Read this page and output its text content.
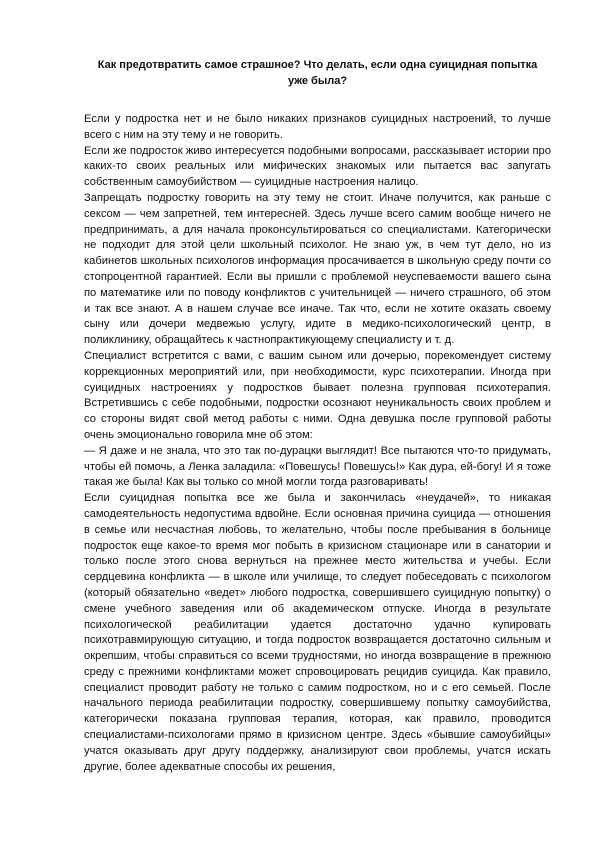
Как предотвратить самое страшное? Что делать, если одна суицидная попытка уже была?

Если у подростка нет и не было никаких признаков суицидных настроений, то лучше всего с ним на эту тему и не говорить.

Если же подросток живо интересуется подобными вопросами, рассказывает истории про каких-то своих реальных или мифических знакомых или пытается вас запугать собственным самоубийством — суицидные настроения налицо.

Запрещать подростку говорить на эту тему не стоит. Иначе получится, как раньше с сексом — чем запретней, тем интересней. Здесь лучше всего самим вообще ничего не предпринимать, а для начала проконсультироваться со специалистами. Категорически не подходит для этой цели школьный психолог. Не знаю уж, в чем тут дело, но из кабинетов школьных психологов информация просачивается в школьную среду почти со стопроцентной гарантией. Если вы пришли с проблемой неуспеваемости вашего сына по математике или по поводу конфликтов с учительницей — ничего страшного, об этом и так все знают. А в нашем случае все иначе. Так что, если не хотите оказать своему сыну или дочери медвежью услугу, идите в медико-психологический центр, в поликлинику, обращайтесь к частнопрактикующему специалисту и т. д.

Специалист встретится с вами, с вашим сыном или дочерью, порекомендует систему коррекционных мероприятий или, при необходимости, курс психотерапии. Иногда при суицидных настроениях у подростков бывает полезна групповая психотерапия. Встретившись с себе подобными, подростки осознают неуникальность своих проблем и со стороны видят свой метод работы с ними. Одна девушка после групповой работы очень эмоционально говорила мне об этом:

— Я даже и не знала, что это так по-дурацки выглядит! Все пытаются что-то придумать, чтобы ей помочь, а Ленка заладила: «Повешусь! Повешусь!» Как дура, ей-богу! И я тоже такая же была! Как вы только со мной могли тогда разговаривать!

Если суицидная попытка все же была и закончилась «неудачей», то никакая самодеятельность недопустима вдвойне. Если основная причина суицида — отношения в семье или несчастная любовь, то желательно, чтобы после пребывания в больнице подросток еще какое-то время мог побыть в кризисном стационаре или в санатории и только после этого снова вернуться на прежнее место жительства и учебы. Если сердцевина конфликта — в школе или училище, то следует побеседовать с психологом (который обязательно «ведет» любого подростка, совершившего суицидную попытку) о смене учебного заведения или об академическом отпуске. Иногда в результате психологической реабилитации удается достаточно удачно купировать психотравмирующую ситуацию, и тогда подросток возвращается достаточно сильным и окрепшим, чтобы справиться со всеми трудностями, но иногда возвращение в прежнюю среду с прежними конфликтами может спровоцировать рецидив суицида. Как правило, специалист проводит работу не только с самим подростком, но и с его семьей. После начального периода реабилитации подростку, совершившему попытку самоубийства, категорически показана групповая терапия, которая, как правило, проводится специалистами-психологами прямо в кризисном центре. Здесь «бывшие самоубийцы» учатся оказывать друг другу поддержку, анализируют свои проблемы, учатся искать другие, более адекватные способы их решения,
